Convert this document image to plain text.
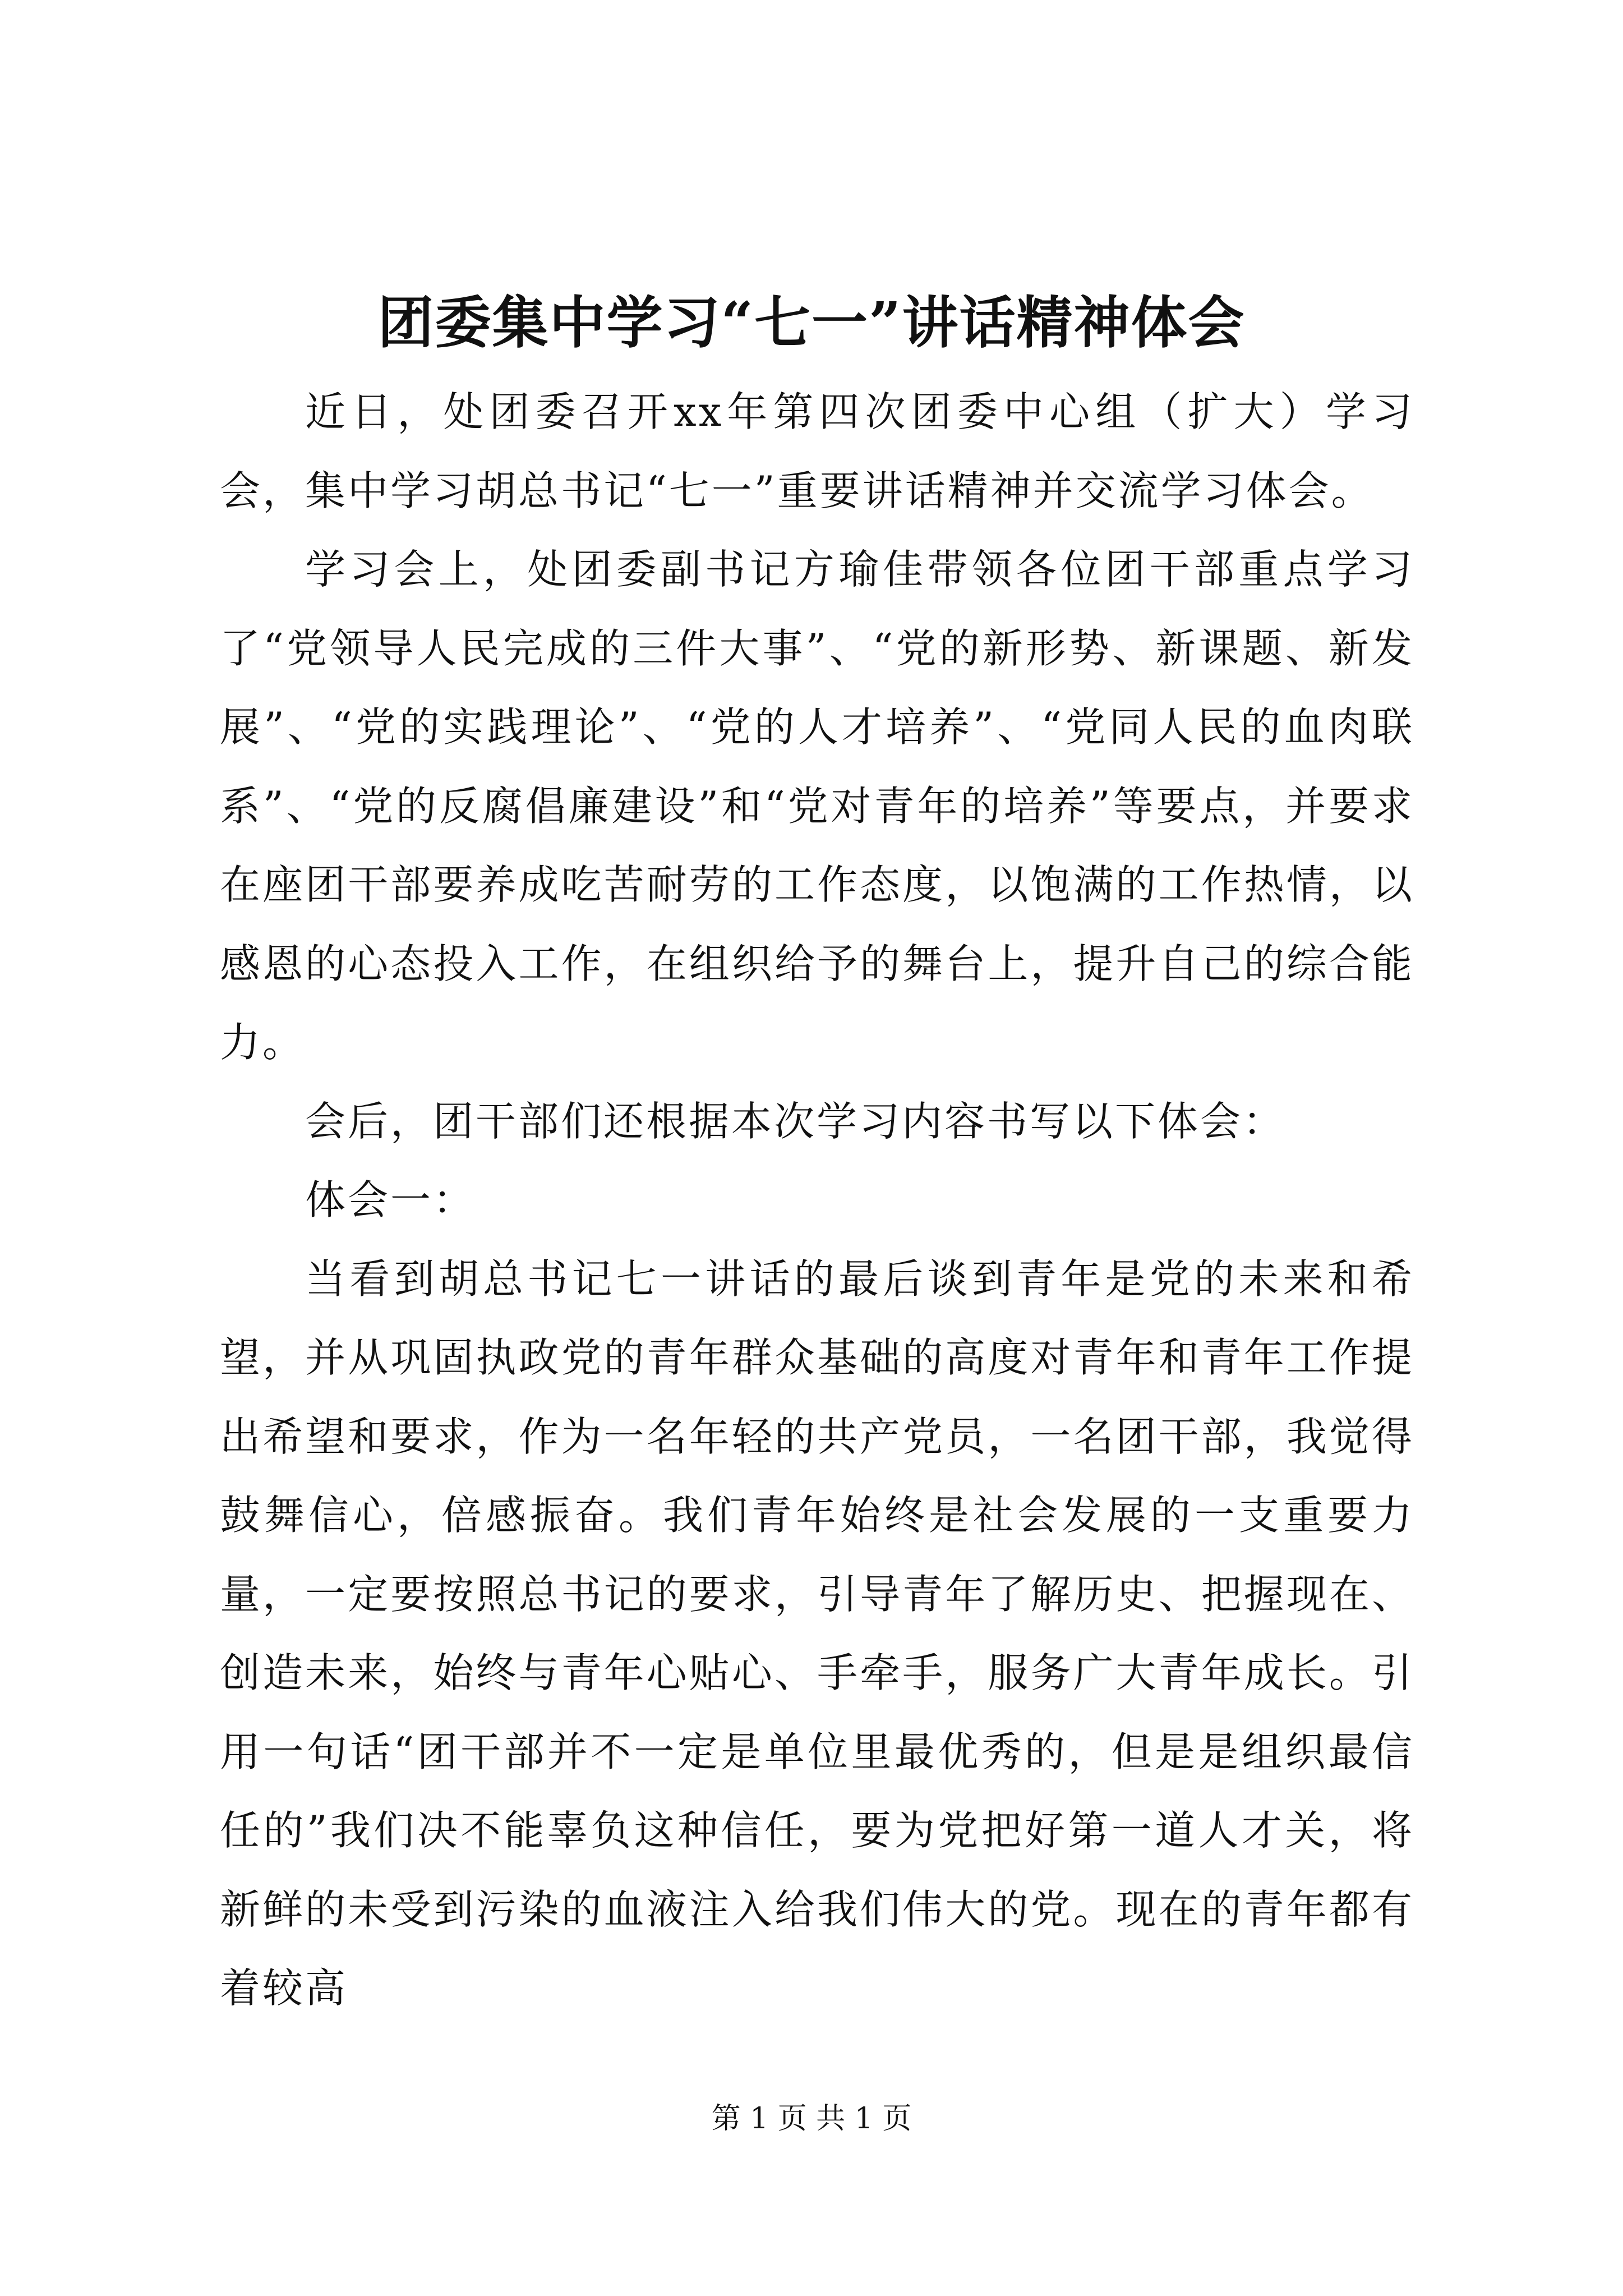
团委集中学习“七一”讲话精神体会

近日，处团委召开xx年第四次团委中心组（扩大）学习会，集中学习胡总书记“七一”重要讲话精神并交流学习体会。

学习会上，处团委副书记方瑜佳带领各位团干部重点学习了“党领导人民完成的三件大事”、“党的新形势、新课题、新发展”、“党的实践理论”、“党的人才培养”、“党同人民的血肉联系”、“党的反腐倡廉建设”和“党对青年的培养”等要点，并要求在座团干部要养成吃苦耐劳的工作态度，以饱满的工作热情，以感恩的心态投入工作，在组织给予的舞台上，提升自己的综合能力。

会后，团干部们还根据本次学习内容书写以下体会：

体会一：

当看到胡总书记七一讲话的最后谈到青年是党的未来和希望，并从巩固执政党的青年群众基础的高度对青年和青年工作提出希望和要求，作为一名年轻的共产党员，一名团干部，我觉得鼓舞信心，倍感振奋。我们青年始终是社会发展的一支重要力量，一定要按照总书记的要求，引导青年了解历史、把握现在、创造未来，始终与青年心贴心、手牵手，服务广大青年成长。引用一句话“团干部并不一定是单位里最优秀的，但是是组织最信任的”我们决不能辜负这种信任，要为党把好第一道人才关，将新鲜的未受到污染的血液注入给我们伟大的党。现在的青年都有着较高

第 1 页 共 1 页
